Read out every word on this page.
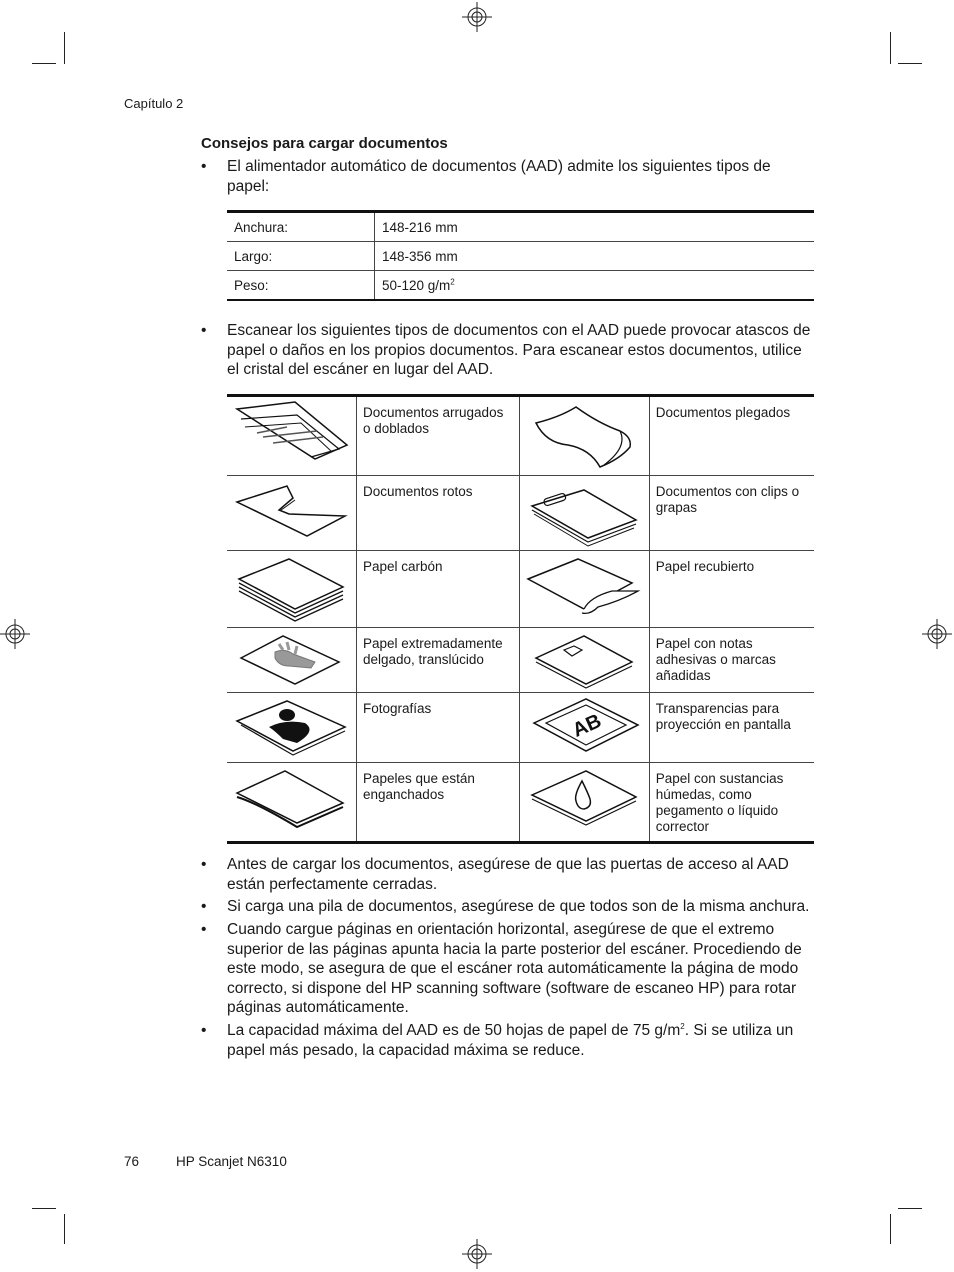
Capítulo 2
Consejos para cargar documentos
• El alimentador automático de documentos (AAD) admite los siguientes tipos de papel:
Anchura:	148-216 mm
Largo:	148-356 mm
Peso:	50-120 $g/m^2$
• Escanear los siguientes tipos de documentos con el AAD puede provocar atascos de papel o daños en los propios documentos. Para escanear estos documentos, utilice el cristal del escáner en lugar del AAD.
	Documentos arrugados o doblados		Documentos plegados

	Documentos rotos		Documentos con clips o grapas

	Papel carbón		Papel recubierto

	Papel extremadamente delgado, translúcido		Papel con notas adhesivas o marcas añadidas

	Fotografías	AB	Transparencias para proyección en pantalla

	Papeles que están enganchados		Papel con sustancias húmedas, como pegamento o líquido corrector
• Antes de cargar los documentos, asegúrese de que las puertas de acceso al AAD están perfectamente cerradas.
• Si carga una pila de documentos, asegúrese de que todos son de la misma anchura.
• Cuando cargue páginas en orientación horizontal, asegúrese de que el extremo superior de las páginas apunta hacia la parte posterior del escáner. Procediendo de este modo, se asegura de que el escáner rota automáticamente la página de modo correcto, si dispone del HP scanning software (software de escaneo HP) para rotar páginas automáticamente.
• La capacidad máxima del AAD es de 50 hojas de papel de 75 $g/m^2$. Si se utiliza un papel más pesado, la capacidad máxima se reduce.
76	HP Scanjet N6310
